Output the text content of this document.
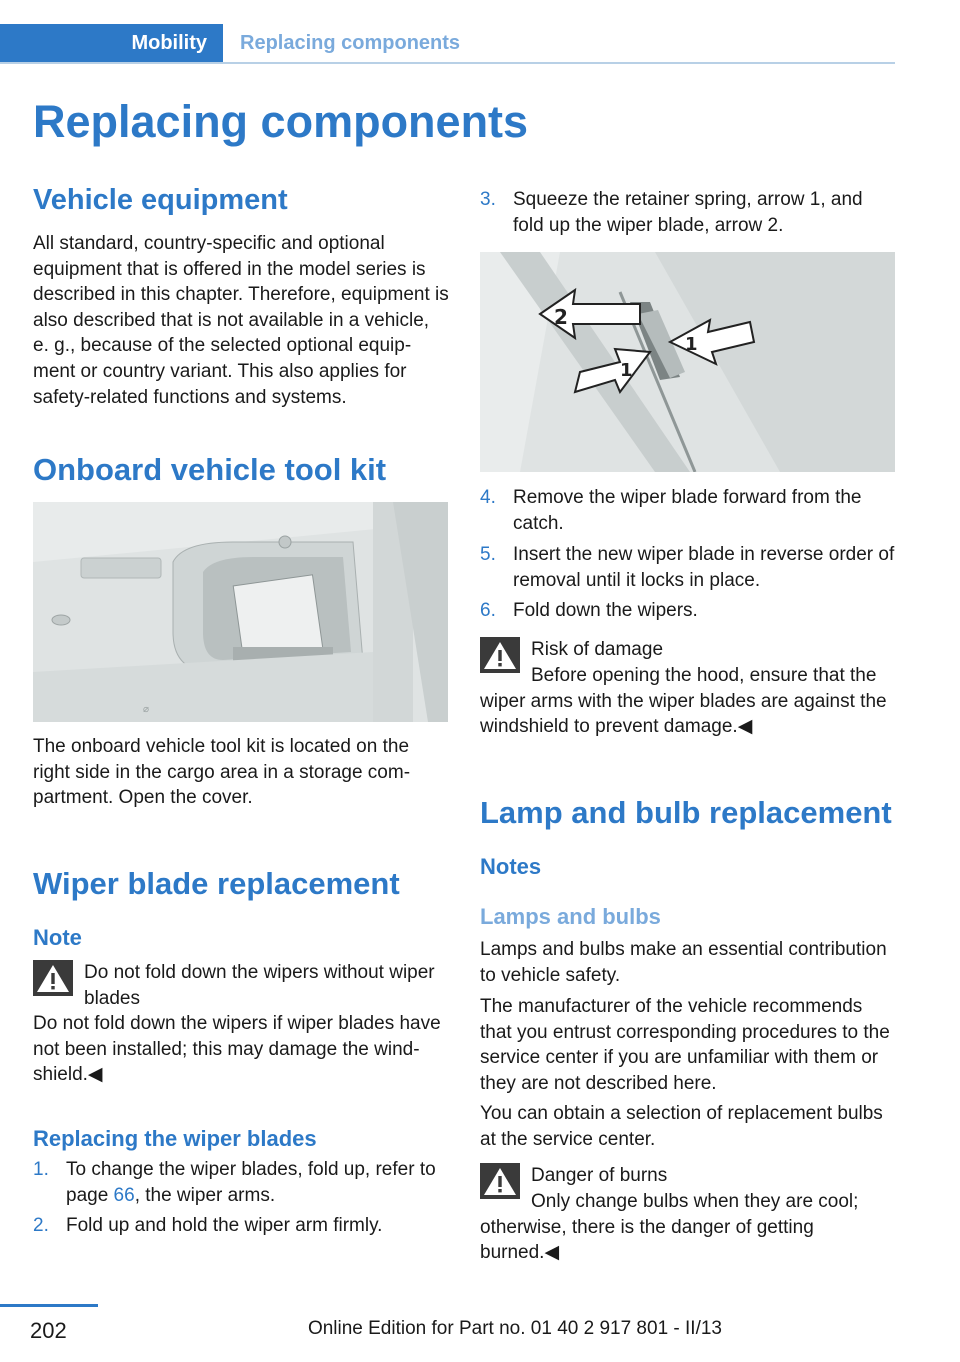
Mobility Replacing components
Replacing components
Vehicle equipment

All standard, country-specific and optional equipment that is offered in the model series is described in this chapter. Therefore, equipment is also described that is not available in a vehicle, e. g., because of the selected optional equip‐ment or country variant. This also applies for safety-related functions and systems.

Onboard vehicle tool kit
⌀

The onboard vehicle tool kit is located on the right side in the cargo area in a storage com‐partment. Open the cover.

Wiper blade replacement
Note
Do not fold down the wipers without wiper blades

Do not fold down the wipers if wiper blades have not been installed; this may damage the wind‐shield.◀

Replacing the wiper blades
1. To change the wiper blades, fold up, refer to page 66, the wiper arms.
2. Fold up and hold the wiper arm firmly.
3. Squeeze the retainer spring, arrow 1, and fold up the wiper blade, arrow 2.
2
1
1
4. Remove the wiper blade forward from the catch.
5. Insert the new wiper blade in reverse order of removal until it locks in place.
6. Fold down the wipers.
Risk of damage

Before opening the hood, ensure that the wiper arms with the wiper blades are against the windshield to prevent damage.◀

Lamp and bulb replacement
Notes
Lamps and bulbs

Lamps and bulbs make an essential contribution to vehicle safety.

The manufacturer of the vehicle recommends that you entrust corresponding procedures to the service center if you are unfamiliar with them or they are not described here.

You can obtain a selection of replacement bulbs at the service center.

Danger of burns

Only change bulbs when they are cool; otherwise, there is the danger of getting burned.◀

202	Online Edition for Part no. 01 40 2 917 801 - II/13
